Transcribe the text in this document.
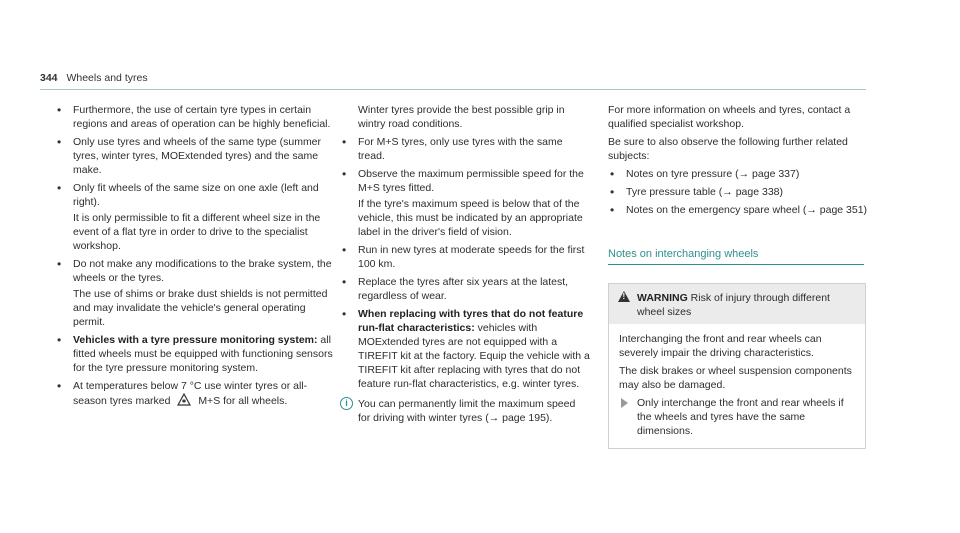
344 Wheels and tyres
• Furthermore, the use of certain tyre types in certain regions and areas of operation can be highly beneficial.
• Only use tyres and wheels of the same type (summer tyres, winter tyres, MOExtended tyres) and the same make.
• Only fit wheels of the same size on one axle (left and right).
It is only permissible to fit a different wheel size in the event of a flat tyre in order to drive to the specialist workshop.
• Do not make any modifications to the brake system, the wheels or the tyres.
The use of shims or brake dust shields is not permitted and may invalidate the vehicle's general operating permit.
• Vehicles with a tyre pressure monitoring system: all fitted wheels must be equipped with functioning sensors for the tyre pressure monitoring system.
• At temperatures below 7 °C use winter tyres or all-season tyres marked	M+S for all wheels.

Winter tyres provide the best possible grip in wintry road conditions.

• For M+S tyres, only use tyres with the same tread.
• Observe the maximum permissible speed for the M+S tyres fitted.
If the tyre's maximum speed is below that of the vehicle, this must be indicated by an appropriate label in the driver's field of vision.
• Run in new tyres at moderate speeds for the first 100 km.
• Replace the tyres after six years at the latest, regardless of wear.
• When replacing with tyres that do not feature run-flat characteristics: vehicles with MOExtended tyres are not equipped with a TIREFIT kit at the factory. Equip the vehicle with a TIREFIT kit after replacing with tyres that do not feature run-flat characteristics, e.g. winter tyres.
i You can permanently limit the maximum speed for driving with winter tyres (→ page 195).

For more information on wheels and tyres, contact a qualified specialist workshop.

Be sure to also observe the following further related subjects:

• Notes on tyre pressure (→ page 337)
• Tyre pressure table (→ page 338)
• Notes on the emergency spare wheel (→ page 351)
Notes on interchanging wheels
! WARNING Risk of injury through different wheel sizes

Interchanging the front and rear wheels can severely impair the driving characteristics.

The disk brakes or wheel suspension components may also be damaged.

Only interchange the front and rear wheels if the wheels and tyres have the same dimensions.
